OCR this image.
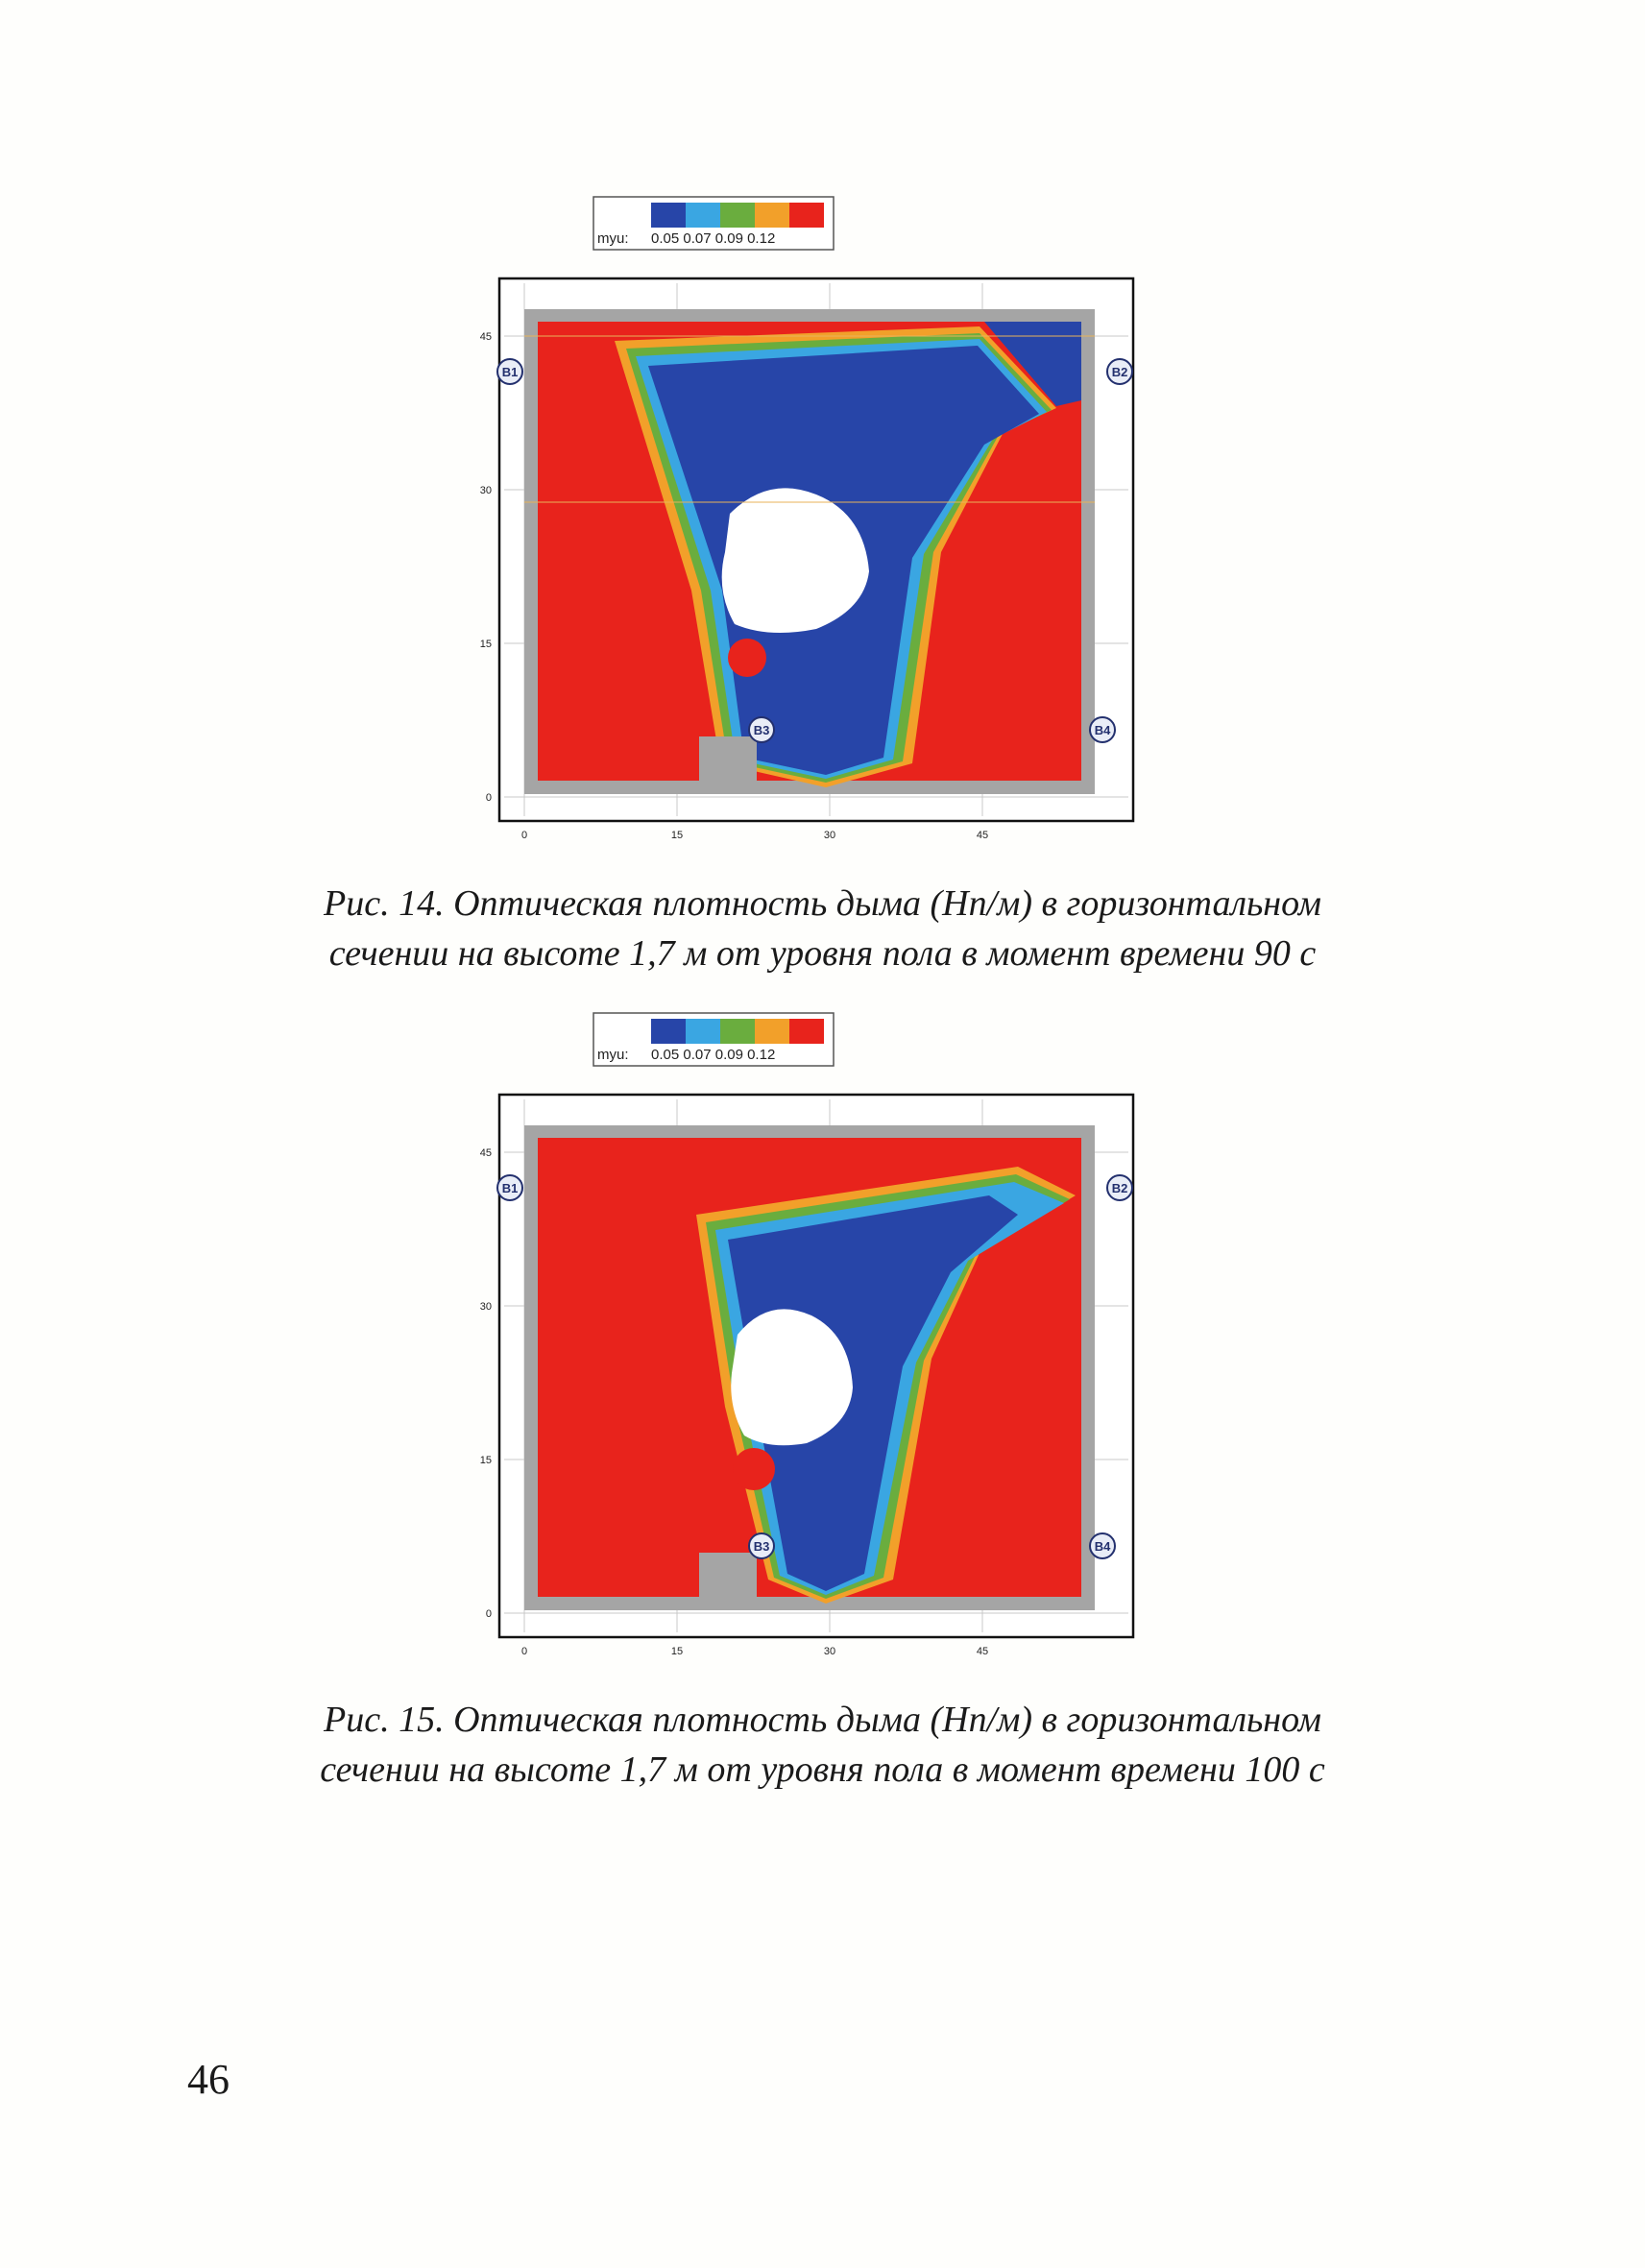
myu: 0.05 0.07 0.09 0.12
B1	B2
B3	B4
45
30
15
0
0	15	30	45
Рис. 14. Оптическая плотность дыма (Нп/м) в горизонтальном
сечении на высоте 1,7 м от уровня пола в момент времени 90 с
myu: 0.05 0.07 0.09 0.12
B1	B2
B3	B4
45
30
15
0
0	15	30	45
Рис. 15. Оптическая плотность дыма (Нп/м) в горизонтальном
сечении на высоте 1,7 м от уровня пола в момент времени 100 с
46
